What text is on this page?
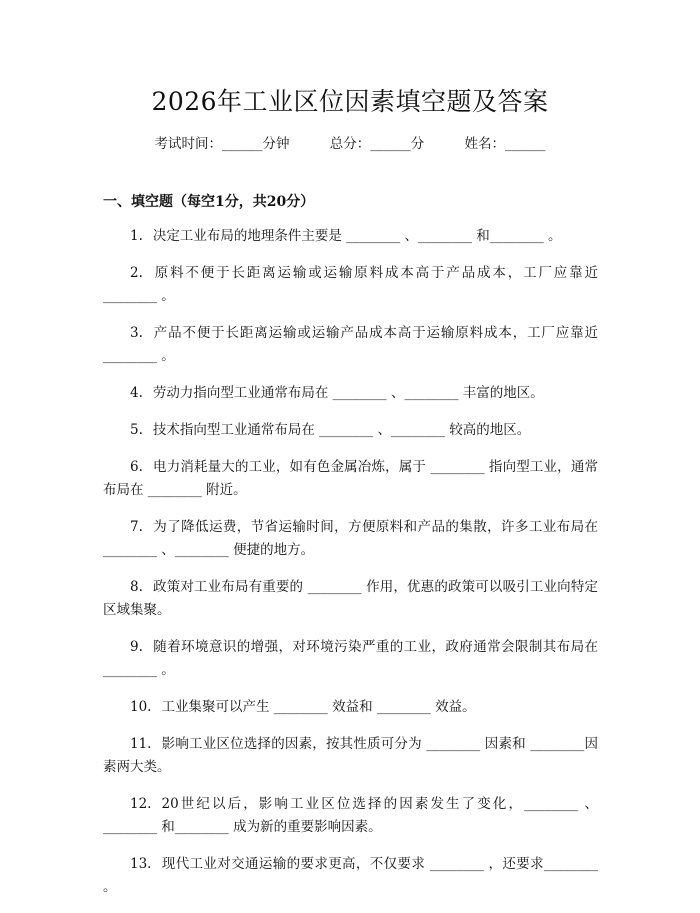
2026年工业区位因素填空题及答案
考试时间：______分钟	总分：______分	姓名：______
一、填空题（每空1分，共20分）
1. 决定工业布局的地理条件主要是 ________ 、________ 和________ 。
2. 原料不便于长距离运输或运输原料成本高于产品成本，工厂应靠近________ 。
3. 产品不便于长距离运输或运输产品成本高于运输原料成本，工厂应靠近________ 。
4. 劳动力指向型工业通常布局在 ________ 、________ 丰富的地区。
5. 技术指向型工业通常布局在 ________ 、________ 较高的地区。
6. 电力消耗量大的工业，如有色金属冶炼，属于 ________ 指向型工业，通常布局在 ________ 附近。
7. 为了降低运费，节省运输时间，方便原料和产品的集散，许多工业布局在________ 、________ 便捷的地方。
8. 政策对工业布局有重要的 ________ 作用，优惠的政策可以吸引工业向特定区域集聚。
9. 随着环境意识的增强，对环境污染严重的工业，政府通常会限制其布局在________ 。
10. 工业集聚可以产生 ________ 效益和 ________ 效益。
11. 影响工业区位选择的因素，按其性质可分为 ________ 因素和 ________因素两大类。
12. 20世纪以后，影响工业区位选择的因素发生了变化，________ 、________ 和________ 成为新的重要影响因素。
13. 现代工业对交通运输的要求更高，不仅要求 ________ ，还要求________ 。
